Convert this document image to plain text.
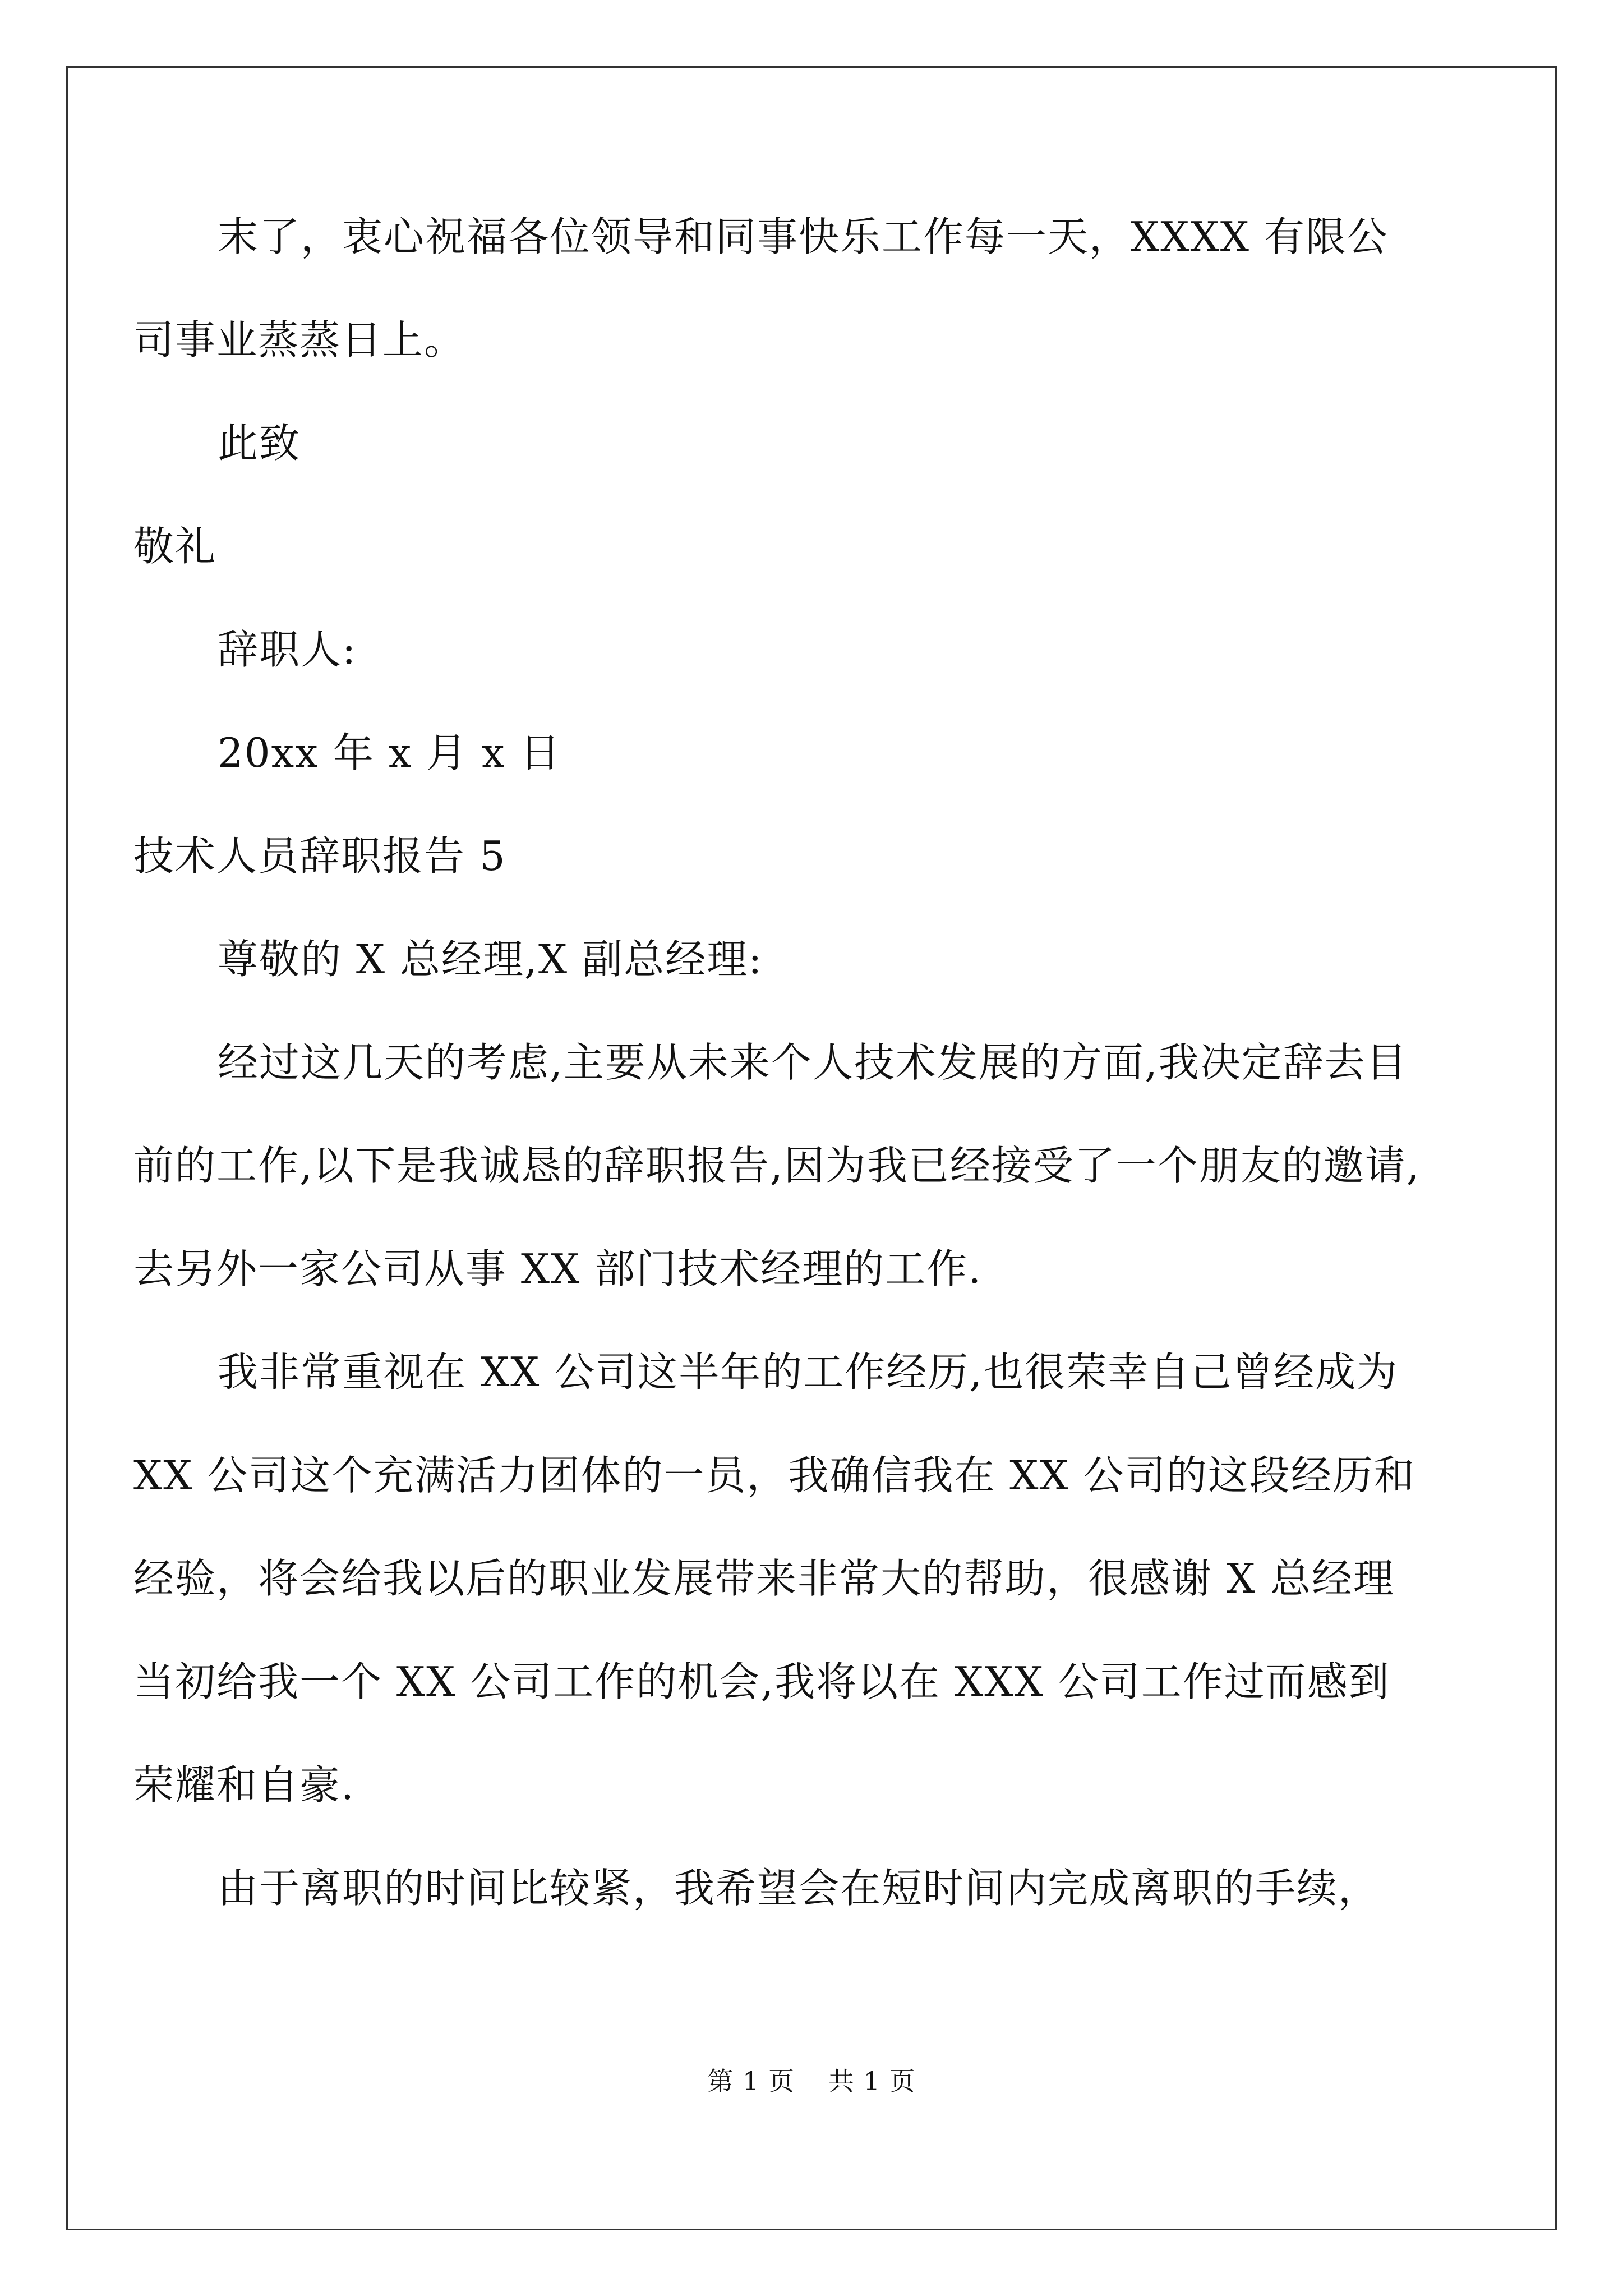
末了，衷心祝福各位领导和同事快乐工作每一天，XXXX 有限公司事业蒸蒸日上。

此致

敬礼

辞职人:

20xx 年 x 月 x 日

技术人员辞职报告 5

尊敬的 X 总经理,X 副总经理:

经过这几天的考虑,主要从未来个人技术发展的方面,我决定辞去目前的工作,以下是我诚恳的辞职报告,因为我已经接受了一个朋友的邀请,去另外一家公司从事 XX 部门技术经理的工作.

我非常重视在 XX 公司这半年的工作经历,也很荣幸自己曾经成为 XX 公司这个充满活力团体的一员，我确信我在 XX 公司的这段经历和经验，将会给我以后的职业发展带来非常大的帮助，很感谢 X 总经理当初给我一个 XX 公司工作的机会,我将以在 XXX 公司工作过而感到荣耀和自豪.

由于离职的时间比较紧，我希望会在短时间内完成离职的手续，

第 1 页 共 1 页
